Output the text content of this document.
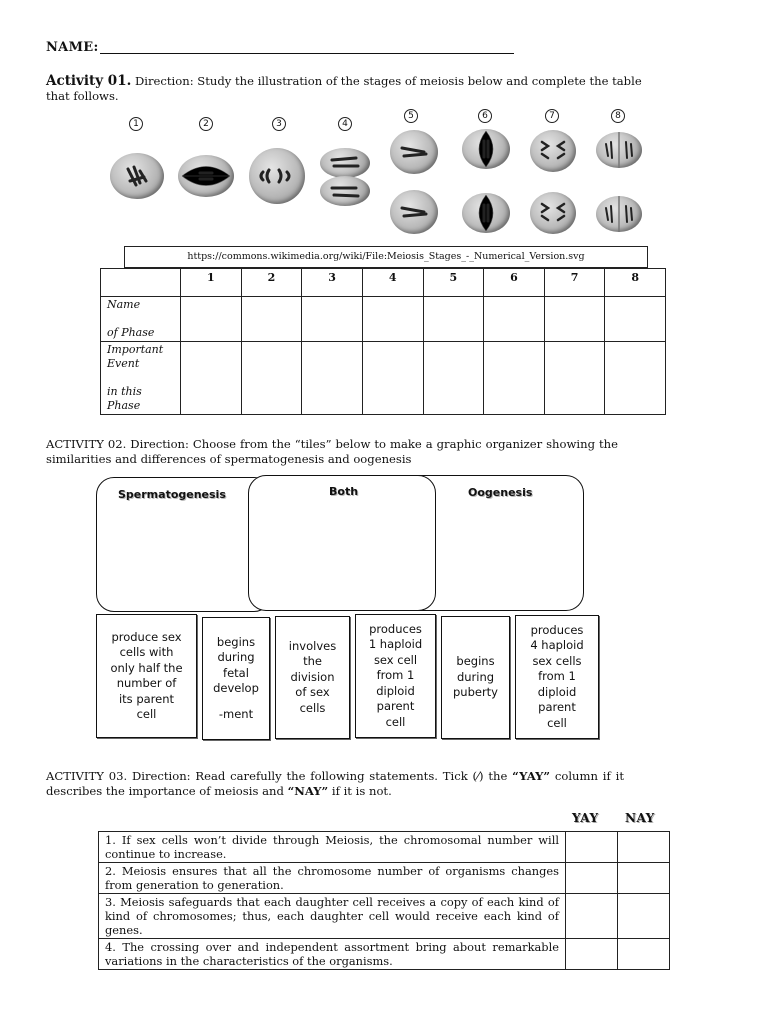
NAME:
Activity 01. Direction: Study the illustration of the stages of meiosis below and complete the table that follows.
1	2	3	4
5	6	7	8
https://commons.wikimedia.org/wiki/File:Meiosis_Stages_-_Numerical_Version.svg
	1	2	3	4	5	6	7	8

Name
of Phase								

Important
Event
in this
Phase								

ACTIVITY 02. Direction: Choose from the “tiles” below to make a graphic organizer showing the similarities and differences of spermatogenesis and oogenesis
Spermatogenesis	Both	Oogenesis
produce sex
cells with
only half the
number of
its parent
cell
begins
during
fetal
develop
-ment
involves
the
division
of sex
cells
produces
1 haploid
sex cell
from 1
diploid
parent
cell
begins
during
puberty
produces
4 haploid
sex cells
from 1
diploid
parent
cell
ACTIVITY 03. Direction: Read carefully the following statements. Tick (⁄) the “YAY” column if it describes the importance of meiosis and “NAY” if it is not.
YAY NAY
1. If sex cells won’t divide through Meiosis, the chromosomal number will continue to increase.		
2. Meiosis ensures that all the chromosome number of organisms changes from generation to generation.		
3. Meiosis safeguards that each daughter cell receives a copy of each kind of kind of chromosomes; thus, each daughter cell would receive each kind of genes.		
4. The crossing over and independent assortment bring about remarkable variations in the characteristics of the organisms.		
